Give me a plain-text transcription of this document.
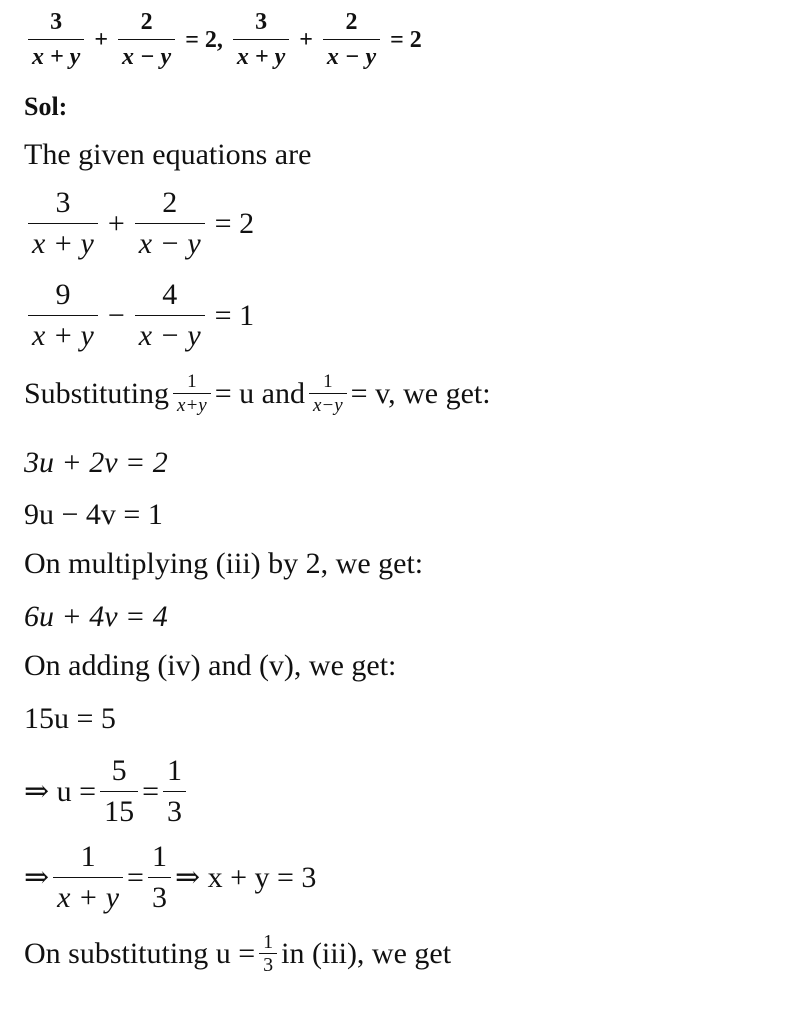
$\frac{3}{x + y} + \frac{2}{x - y} = 2$, $\frac{3}{x + y} + \frac{2}{x - y} = 2$
Sol:
The given equations are
$\frac{3}{x + y} + \frac{2}{x - y} = 2$
$\frac{9}{x + y} - \frac{4}{x - y} = 1$
Substituting $\frac{1}{x+y} = u$ and $\frac{1}{x-y} = v$, we get:
3u + 2v = 2
9u − 4v = 1
On multiplying (iii) by 2, we get:
6u + 4v = 4
On adding (iv) and (v), we get:
15u = 5
⇒ $u = \frac{5}{15} = \frac{1}{3}$
⇒ $\frac{1}{x + y} = \frac{1}{3}$ ⇒ x + y = 3
On substituting $u = \frac{1}{3}$ in (iii), we get
